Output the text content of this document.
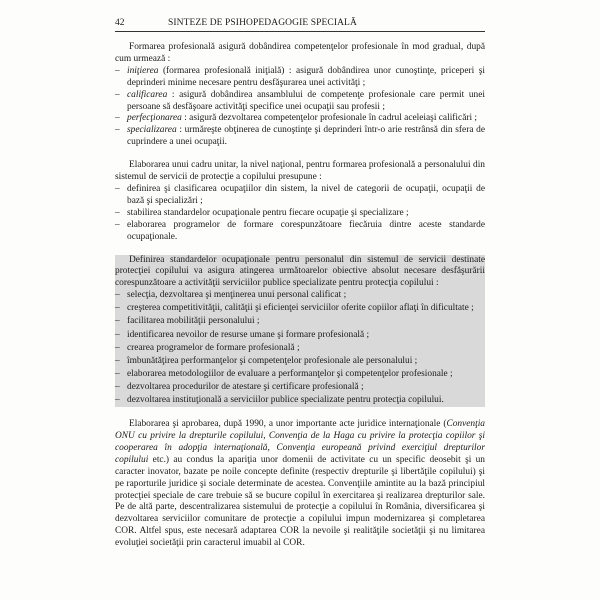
42	SINTEZE DE PSIHOPEDAGOGIE SPECIALĂ

Formarea profesională asigură dobândirea competenţelor profesionale în mod gradual, după cum urmează :

– iniţierea (formarea profesională iniţială) : asigură dobândirea unor cunoştinţe, priceperi şi deprinderi minime necesare pentru desfăşurarea unei activităţi ;
– calificarea : asigură dobândirea ansamblului de competenţe profesionale care permit unei persoane să desfăşoare activităţi specifice unei ocupaţii sau profesii ;
– perfecţionarea : asigură dezvoltarea competenţelor profesionale în cadrul aceleiaşi calificări ;
– specializarea : urmăreşte obţinerea de cunoştinţe şi deprinderi într-o arie restrânsă din sfera de cuprindere a unei ocupaţii.

Elaborarea unui cadru unitar, la nivel naţional, pentru formarea profesională a personalului din sistemul de servicii de protecţie a copilului presupune :

– definirea şi clasificarea ocupaţiilor din sistem, la nivel de categorii de ocupaţii, ocupaţii de bază şi specializări ;
– stabilirea standardelor ocupaţionale pentru fiecare ocupaţie şi specializare ;
– elaborarea programelor de formare corespunzătoare fiecăruia dintre aceste standarde ocupaţionale.

Definirea standardelor ocupaţionale pentru personalul din sistemul de servicii destinate protecţiei copilului va asigura atingerea următoarelor obiective absolut necesare desfăşurării corespunzătoare a activităţii serviciilor publice specializate pentru protecţia copilului :

– selecţia, dezvoltarea şi menţinerea unui personal calificat ;
– creşterea competitivităţii, calităţii şi eficienţei serviciilor oferite copiilor aflaţi în dificultate ;
– facilitarea mobilităţii personalului ;
– identificarea nevoilor de resurse umane şi formare profesională ;
– crearea programelor de formare profesională ;
– îmbunătăţirea performanţelor şi competenţelor profesionale ale personalului ;
– elaborarea metodologiilor de evaluare a performanţelor şi competenţelor profesionale ;
– dezvoltarea procedurilor de atestare şi certificare profesională ;
– dezvoltarea instituţională a serviciilor publice specializate pentru protecţia copilului.

Elaborarea şi aprobarea, după 1990, a unor importante acte juridice internaţionale (Convenţia ONU cu privire la drepturile copilului, Convenţia de la Haga cu privire la protecţia copiilor şi cooperarea în adopţia internaţională, Convenţia europeană privind exerciţiul drepturilor copilului etc.) au condus la apariţia unor domenii de activitate cu un specific deosebit şi un caracter inovator, bazate pe noile concepte definite (respectiv drepturile şi libertăţile copilului) şi pe raporturile juridice şi sociale determinate de acestea. Convenţiile amintite au la bază principiul protecţiei speciale de care trebuie să se bucure copilul în exercitarea şi realizarea drepturilor sale. Pe de altă parte, descentralizarea sistemului de protecţie a copilului în România, diversificarea şi dezvoltarea serviciilor comunitare de protecţie a copilului impun modernizarea şi completarea COR. Altfel spus, este necesară adaptarea COR la nevoile şi realităţile societăţii şi nu limitarea evoluţiei societăţii prin caracterul imuabil al COR.
